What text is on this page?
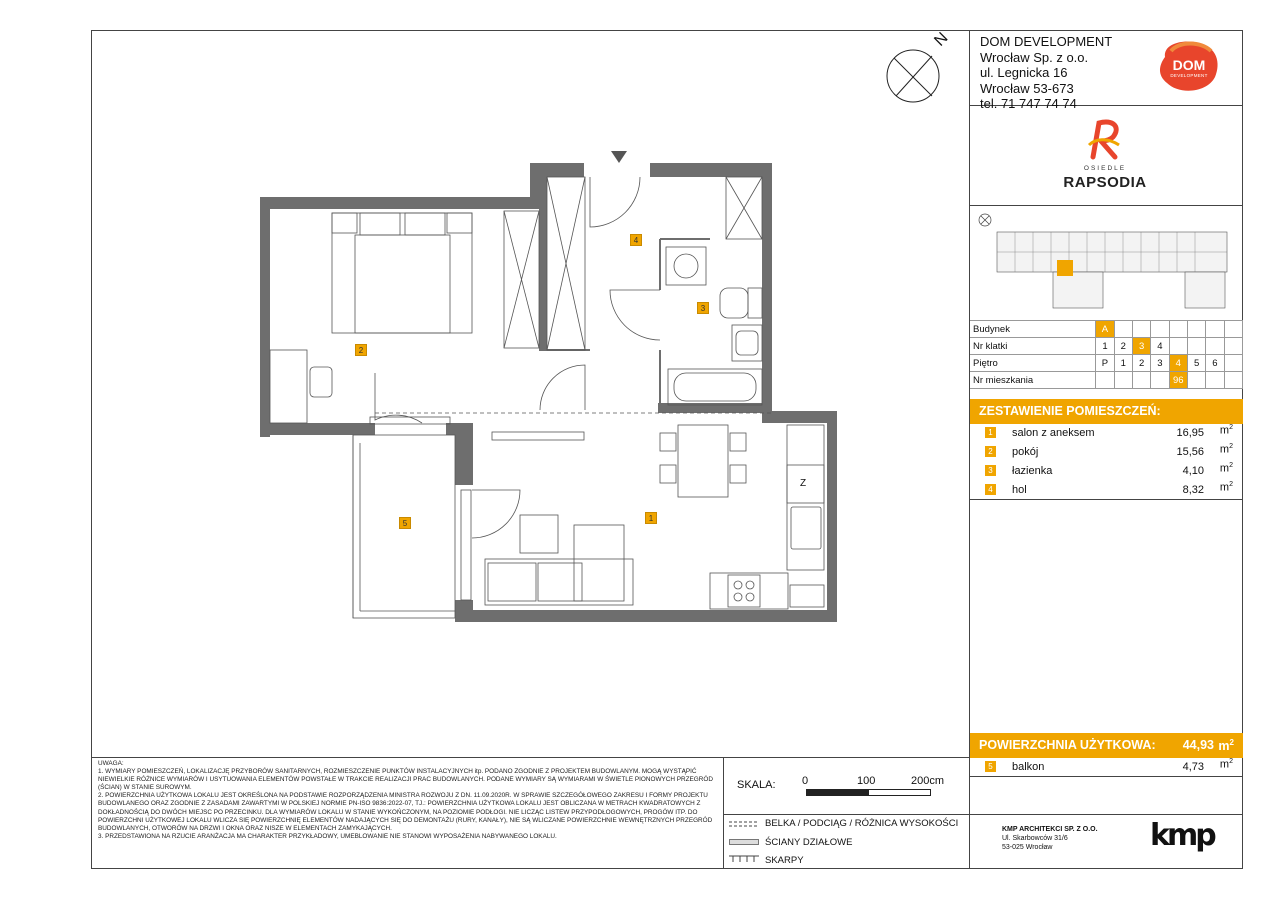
1
2
3
4
5
Z
N DOM DEVELOPMENT
Wrocław Sp. z o.o.
ul. Legnicka 16
Wrocław 53-673
tel. 71 747 74 74
DOM
DEVELOPMENT
OSIEDLE
RAPSODIA
Budynek	A							
Nr klatki	1	2	3	4				
Piętro	P	1	2	3	4	5	6	
Nr mieszkania					96			
ZESTAWIENIE POMIESZCZEŃ:
1 salon z aneksem	16,95 $m^2$
2 pokój	15,56 $m^2$
3 łazienka	4,10 $m^2$
4 hol	8,32 $m^2$
POWIERZCHNIA UŻYTKOWA: 44,93 $m^2$
5 balkon	4,73 $m^2$

UWAGA:

1. WYMIARY POMIESZCZEŃ, LOKALIZACJĘ PRZYBORÓW SANITARNYCH, ROZMIESZCZENIE PUNKTÓW INSTALACYJNYCH itp. PODANO ZGODNIE Z PROJEKTEM BUDOWLANYM. MOGĄ WYSTĄPIĆ NIEWIELKIE RÓŻNICE WYMIARÓW I USYTUOWANIA ELEMENTÓW POWSTAŁE W TRAKCIE REALIZACJI PRAC BUDOWLANYCH. PODANE WYMIARY SĄ WYMIARAMI W ŚWIETLE PIONOWYCH PRZEGRÓD (ŚCIAN) W STANIE SUROWYM.

2. POWIERZCHNIA UŻYTKOWA LOKALU JEST OKREŚLONA NA PODSTAWIE ROZPORZĄDZENIA MINISTRA ROZWOJU Z DN. 11.09.2020R. W SPRAWIE SZCZEGÓŁOWEGO ZAKRESU I FORMY PROJEKTU BUDOWLANEGO ORAZ ZGODNIE Z ZASADAMI ZAWARTYMI W POLSKIEJ NORMIE PN-ISO 9836:2022-07, TJ.: POWIERZCHNIA UŻYTKOWA LOKALU JEST OBLICZANA W METRACH KWADRATOWYCH Z DOKŁADNOŚCIĄ DO DWÓCH MIEJSC PO PRZECINKU. DLA WYMIARÓW LOKALU W STANIE WYKOŃCZONYM, NA POZIOMIE PODŁOGI. NIE LICZĄC LISTEW PRZYPODŁOGOWYCH, PROGÓW ITP. DO POWIERZCHNI UŻYTKOWEJ LOKALU WLICZA SIĘ POWIERZCHNIĘ ELEMENTÓW NADAJĄCYCH SIĘ DO DEMONTAŻU (RURY, KANAŁY), NIE SĄ WLICZANE POWIERZCHNIE WEWNĘTRZNYCH PRZEGRÓD BUDOWLANYCH, OTWORÓW NA DRZWI I OKNA ORAZ NISZE W ELEMENTACH ZAMYKAJĄCYCH.

3. PRZEDSTAWIONA NA RZUCIE ARANŻACJA MA CHARAKTER PRZYKŁADOWY, UMEBLOWANIE NIE STANOWI WYPOSAŻENIA NABYWANEGO LOKALU.

SKALA: 0	100	200cm
BELKA / PODCIĄG / RÓŻNICA WYSOKOŚCI
ŚCIANY DZIAŁOWE
SKARPY
KMP ARCHITEKCI SP. Z O.O.
Ul. Skarbowców 31/6
53-025 Wrocław	kmp
